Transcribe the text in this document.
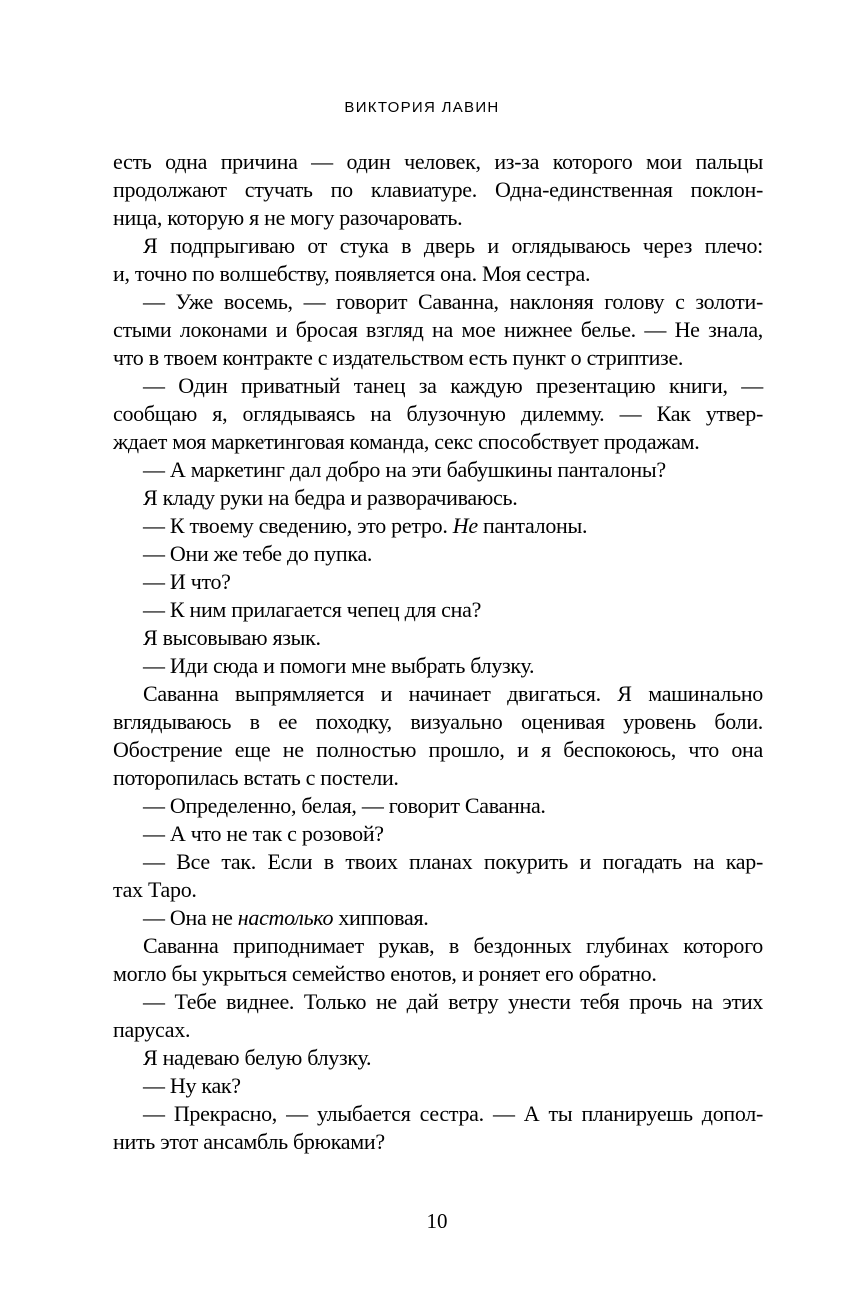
ВИКТОРИЯ ЛАВИН
есть одна причина — один человек, из-за которого мои пальцы
продолжают стучать по клавиатуре. Одна-единственная поклон-
ница, которую я не могу разочаровать.
Я подпрыгиваю от стука в дверь и оглядываюсь через плечо:
и, точно по волшебству, появляется она. Моя сестра.
— Уже восемь, — говорит Саванна, наклоняя голову с золоти-
стыми локонами и бросая взгляд на мое нижнее белье. — Не знала,
что в твоем контракте с издательством есть пункт о стриптизе.
— Один приватный танец за каждую презентацию книги, —
сообщаю я, оглядываясь на блузочную дилемму. — Как утвер-
ждает моя маркетинговая команда, секс способствует продажам.
— А маркетинг дал добро на эти бабушкины панталоны?
Я кладу руки на бедра и разворачиваюсь.
— К твоему сведению, это ретро. Не панталоны.
— Они же тебе до пупка.
— И что?
— К ним прилагается чепец для сна?
Я высовываю язык.
— Иди сюда и помоги мне выбрать блузку.
Саванна выпрямляется и начинает двигаться. Я машинально
вглядываюсь в ее походку, визуально оценивая уровень боли.
Обострение еще не полностью прошло, и я беспокоюсь, что она
поторопилась встать с постели.
— Определенно, белая, — говорит Саванна.
— А что не так с розовой?
— Все так. Если в твоих планах покурить и погадать на кар-
тах Таро.
— Она не настолько хипповая.
Саванна приподнимает рукав, в бездонных глубинах которого
могло бы укрыться семейство енотов, и роняет его обратно.
— Тебе виднее. Только не дай ветру унести тебя прочь на этих
парусах.
Я надеваю белую блузку.
— Ну как?
— Прекрасно, — улыбается сестра. — А ты планируешь допол-
нить этот ансамбль брюками?
10
